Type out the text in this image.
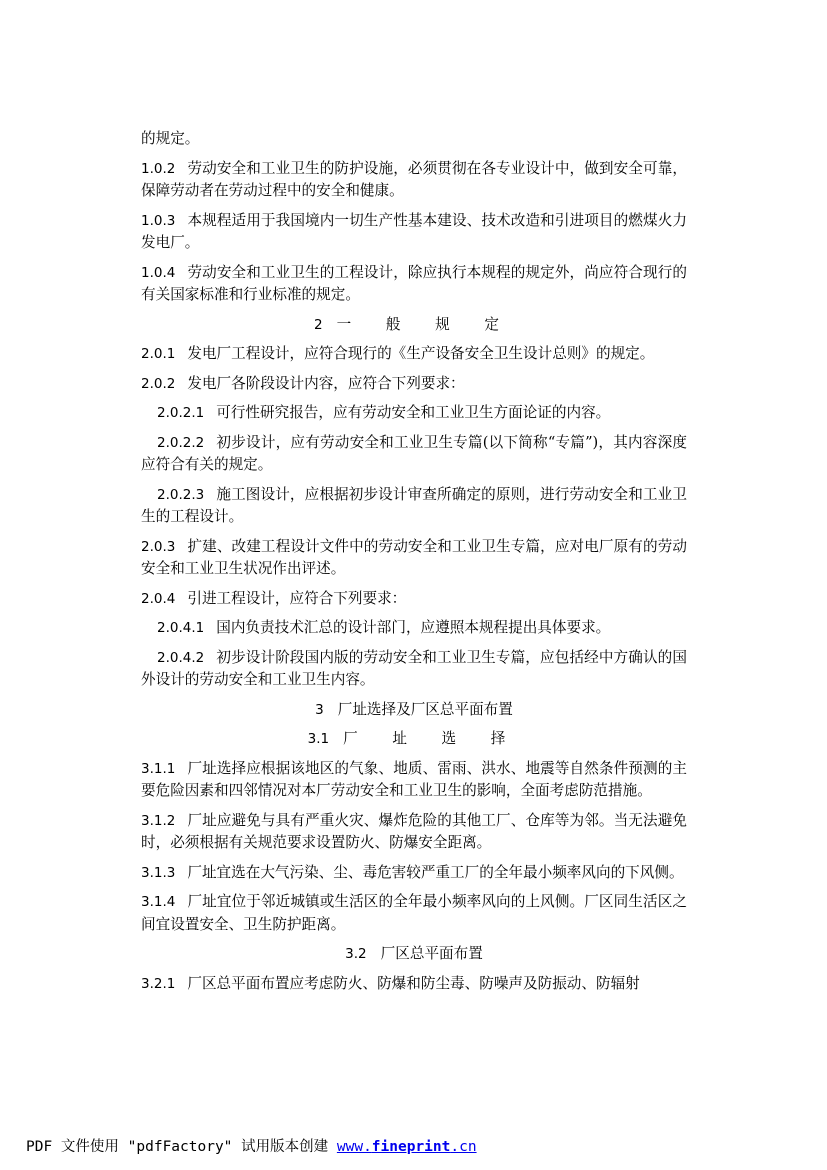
的规定。
1.0.2 劳动安全和工业卫生的防护设施，必须贯彻在各专业设计中，做到安全可靠，保障劳动者在劳动过程中的安全和健康。
1.0.3 本规程适用于我国境内一切生产性基本建设、技术改造和引进项目的燃煤火力发电厂。
1.0.4 劳动安全和工业卫生的工程设计，除应执行本规程的规定外，尚应符合现行的有关国家标准和行业标准的规定。
2 一 般 规 定
2.0.1 发电厂工程设计，应符合现行的《生产设备安全卫生设计总则》的规定。
2.0.2 发电厂各阶段设计内容，应符合下列要求：
2.0.2.1 可行性研究报告，应有劳动安全和工业卫生方面论证的内容。
2.0.2.2 初步设计，应有劳动安全和工业卫生专篇(以下简称“专篇”)，其内容深度应符合有关的规定。
2.0.2.3 施工图设计，应根据初步设计审查所确定的原则，进行劳动安全和工业卫生的工程设计。
2.0.3 扩建、改建工程设计文件中的劳动安全和工业卫生专篇，应对电厂原有的劳动安全和工业卫生状况作出评述。
2.0.4 引进工程设计，应符合下列要求：
2.0.4.1 国内负责技术汇总的设计部门，应遵照本规程提出具体要求。
2.0.4.2 初步设计阶段国内版的劳动安全和工业卫生专篇，应包括经中方确认的国外设计的劳动安全和工业卫生内容。
3 厂址选择及厂区总平面布置
3.1 厂 址 选 择
3.1.1 厂址选择应根据该地区的气象、地质、雷雨、洪水、地震等自然条件预测的主要危险因素和四邻情况对本厂劳动安全和工业卫生的影响，全面考虑防范措施。
3.1.2 厂址应避免与具有严重火灾、爆炸危险的其他工厂、仓库等为邻。当无法避免时，必须根据有关规范要求设置防火、防爆安全距离。
3.1.3 厂址宜选在大气污染、尘、毒危害较严重工厂的全年最小频率风向的下风侧。
3.1.4 厂址宜位于邻近城镇或生活区的全年最小频率风向的上风侧。厂区同生活区之间宜设置安全、卫生防护距离。
3.2 厂区总平面布置
3.2.1 厂区总平面布置应考虑防火、防爆和防尘毒、防噪声及防振动、防辐射
PDF 文件使用 "pdfFactory" 试用版本创建 www.fineprint.cn
